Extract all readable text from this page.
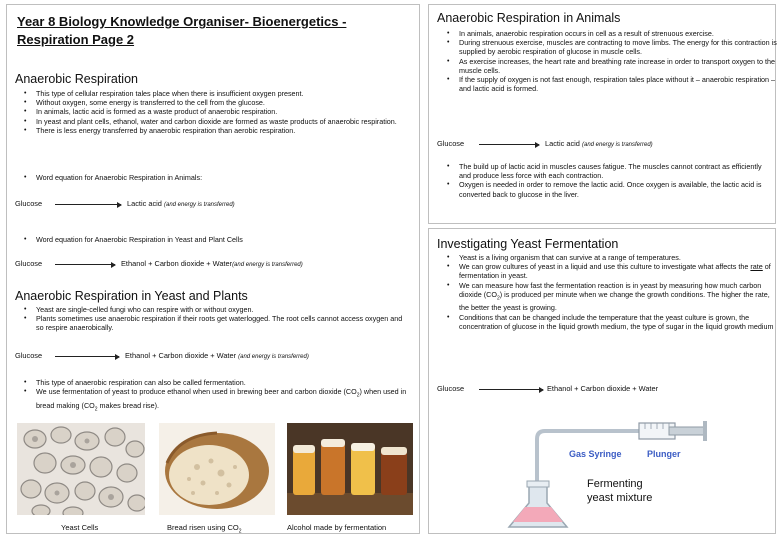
Year 8 Biology Knowledge Organiser- Bioenergetics -
Respiration Page 2
Anaerobic Respiration
• This type of cellular respiration tales place when there is insufficient oxygen present.
• Without oxygen, some energy is transferred to the cell from the glucose.
• In animals, lactic acid is formed as a waste product of anaerobic respiration.
• In yeast and plant cells, ethanol, water and carbon dioxide are formed as waste products of anaerobic respiration.
• There is less energy transferred by anaerobic respiration than aerobic respiration.
• Word equation for Anaerobic Respiration in Animals:
Glucose	Lactic acid (and energy is transferred)
• Word equation for Anaerobic Respiration in Yeast and Plant Cells
Glucose	Ethanol + Carbon dioxide + Water(and energy is transferred)
Anaerobic Respiration in Yeast and Plants
• Yeast are single-celled fungi who can respire with or without oxygen.
• Plants sometimes use anaerobic respiration if their roots get waterlogged. The root cells cannot access oxygen and so respire anaerobically.
Glucose	Ethanol + Carbon dioxide + Water (and energy is transferred)
• This type of anaerobic respiration can also be called fermentation.
• We use fermentation of yeast to produce ethanol when used in brewing beer and carbon dioxide $(CO_2)$ when used in bread making ($CO_2$ makes bread rise).
Yeast Cells	Bread risen using $CO_2$	Alcohol made by fermentation
Anaerobic Respiration in Animals
• In animals, anaerobic respiration occurs in cell as a result of strenuous exercise.
• During strenuous exercise, muscles are contracting to move limbs. The energy for this contraction is supplied by aerobic respiration of glucose in muscle cells.
• As exercise increases, the heart rate and breathing rate increase in order to transport oxygen to the muscle cells.
• If the supply of oxygen is not fast enough, respiration tales place without it – anaerobic respiration – and lactic acid is formed.
Glucose	Lactic acid (and energy is transferred)
• The build up of lactic acid in muscles causes fatigue. The muscles cannot contract as efficiently and produce less force with each contraction.
• Oxygen is needed in order to remove the lactic acid. Once oxygen is available, the lactic acid is converted back to glucose in the liver.
Investigating Yeast Fermentation
• Yeast is a living organism that can survive at a range of temperatures.
• We can grow cultures of yeast in a liquid and use this culture to investigate what affects the rate of fermentation in yeast.
• We can measure how fast the fermentation reaction is in yeast by measuring how much carbon dioxide $(CO_2)$ is produced per minute when we change the growth conditions. The higher the rate, the better the yeast is growing.
• Conditions that can be changed include the temperature that the yeast culture is grown, the concentration of glucose in the liquid growth medium, the type of sugar in the liquid growth medium
Glucose	Ethanol + Carbon dioxide + Water
Gas Syringe	Plunger
Fermenting yeast mixture
